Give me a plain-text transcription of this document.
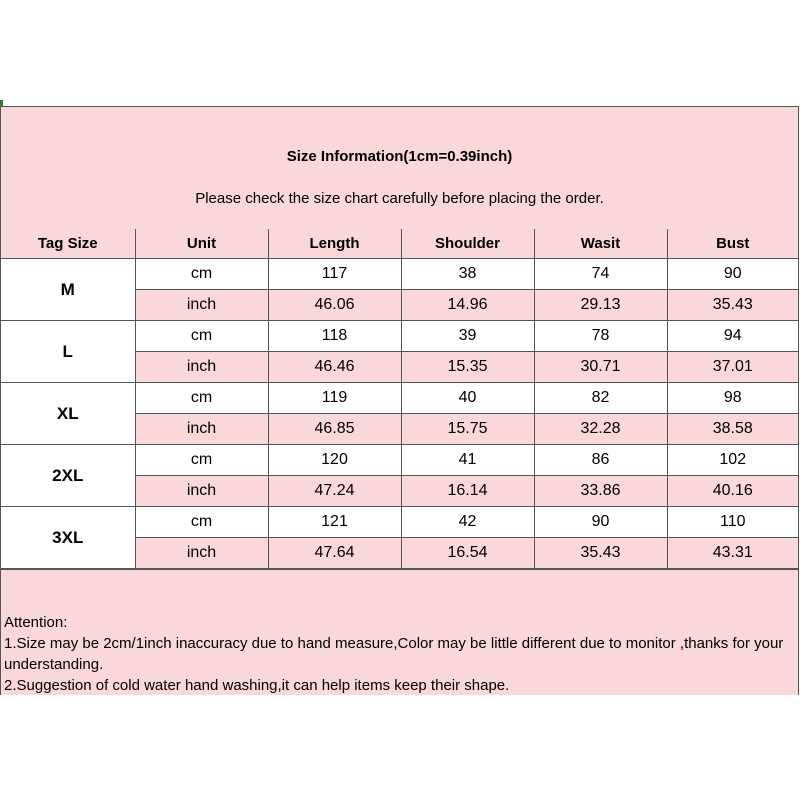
Size Information(1cm=0.39inch)
Please check the size chart carefully before placing the order.
Tag Size	Unit	Length	Shoulder	Wasit	Bust
M	cm	117	38	74	90
	inch	46.06	14.96	29.13	35.43
L	cm	118	39	78	94
	inch	46.46	15.35	30.71	37.01
XL	cm	119	40	82	98
	inch	46.85	15.75	32.28	38.58
2XL	cm	120	41	86	102
	inch	47.24	16.14	33.86	40.16
3XL	cm	121	42	90	110
	inch	47.64	16.54	35.43	43.31
Attention:
1.Size may be 2cm/1inch inaccuracy due to hand measure,Color may be little different due to monitor ,thanks for your understanding.
2.Suggestion of cold water hand washing,it can help items keep their shape.
